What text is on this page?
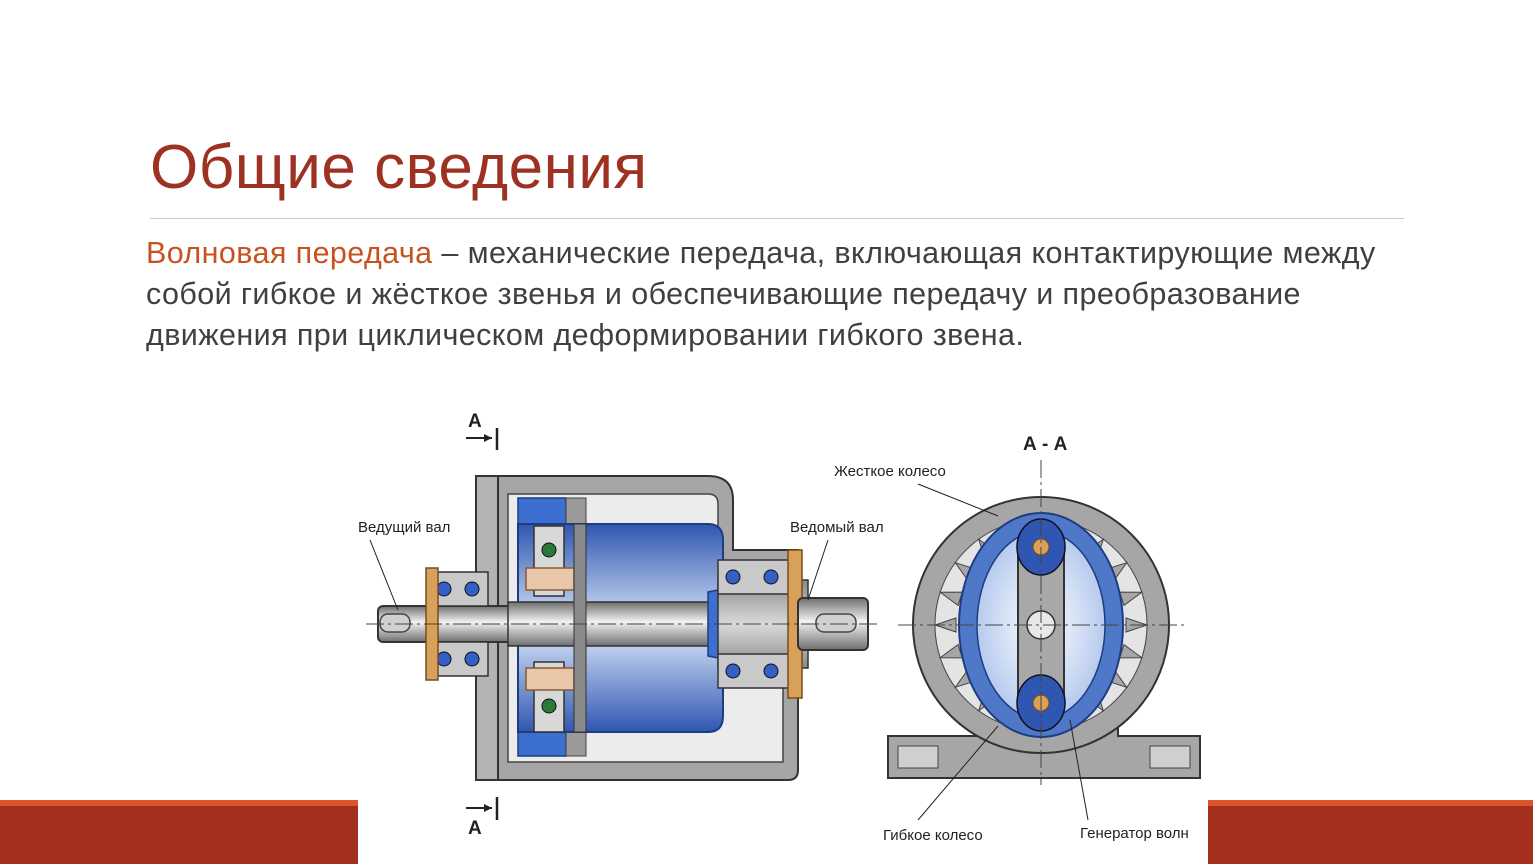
Общие сведения
Волновая передача – механические передача, включающая контактирующие между собой гибкое и жёсткое звенья и обеспечивающие передачу и преобразование движения при циклическом деформировании гибкого звена.
А
А
Ведущий вал	Ведомый вал
А - А
Жесткое колесо
Гибкое колесо	Генератор волн
